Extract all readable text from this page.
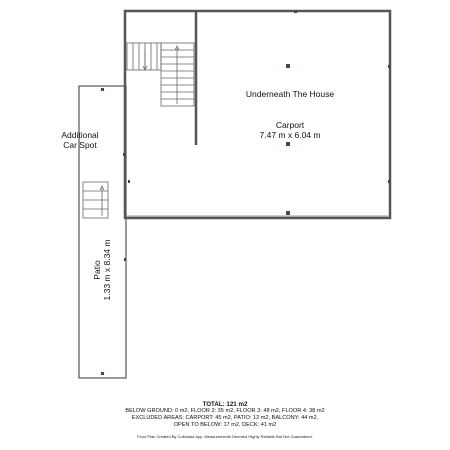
Underneath The House
Carport
7.47 m x 6.04 m
Additional
Car Spot
Patio 1.33 m x 8.34 m
TOTAL: 121 m2
BELOW GROUND: 0 m2, FLOOR 2: 35 m2, FLOOR 3: 48 m2, FLOOR 4: 38 m2
EXCLUDED AREAS: CARPORT: 45 m2, PATIO: 12 m2, BALCONY: 44 m2,
OPEN TO BELOW: 17 m2, DECK: 41 m2
Floor Plan Created By Cubicasa App. Measurements Deemed Highly Reliable But Not Guaranteed.
